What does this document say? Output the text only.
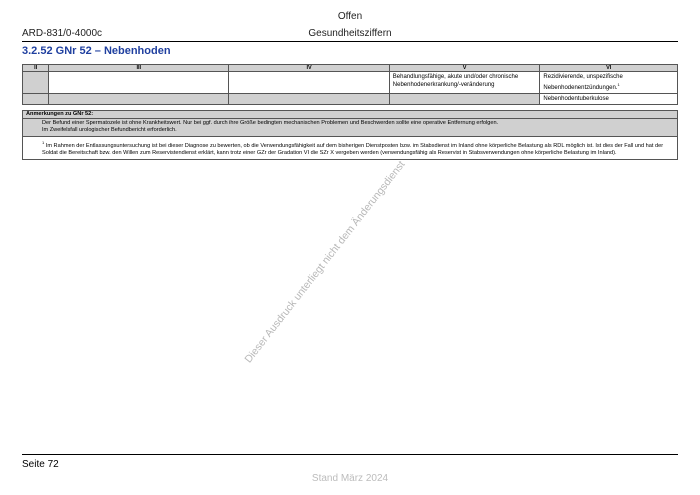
Offen
ARD-831/0-4000c	Gesundheitsziffern
3.2.52 GNr 52 – Nebenhoden
II	III	IV	V	VI
			Behandlungsfähige, akute und/oder chronische Nebenhodenerkrankung/-veränderung	Rezidivierende, unspezifische Nebenhodenentzündungen.$^1$
				Nebenhodentuberkulose
Anmerkungen zu GNr 52:
Der Befund einer Spermatozele ist ohne Krankheitswert. Nur bei ggf. durch ihre Größe bedingten mechanischen Problemen und Beschwerden sollte eine operative Entfernung erfolgen.
Im Zweifelsfall urologischer Befundbericht erforderlich.
$^1$ Im Rahmen der Entlassungsuntersuchung ist bei dieser Diagnose zu bewerten, ob die Verwendungsfähigkeit auf dem bisherigen Dienstposten bzw. im Stabsdienst im Inland ohne körperliche Belastung als RDL möglich ist. Ist dies der Fall und hat der Soldat die Bereitschaft bzw. den Willen zum Reservistendienst erklärt, kann trotz einer GZr der Gradation VI die SZr X vergeben werden (verwendungsfähig als Reservist in Stabsverwendungen ohne körperliche Belastung im Inland).
Dieser Ausdruck unterliegt nicht dem Änderungsdienst
Seite 72
Stand März 2024
